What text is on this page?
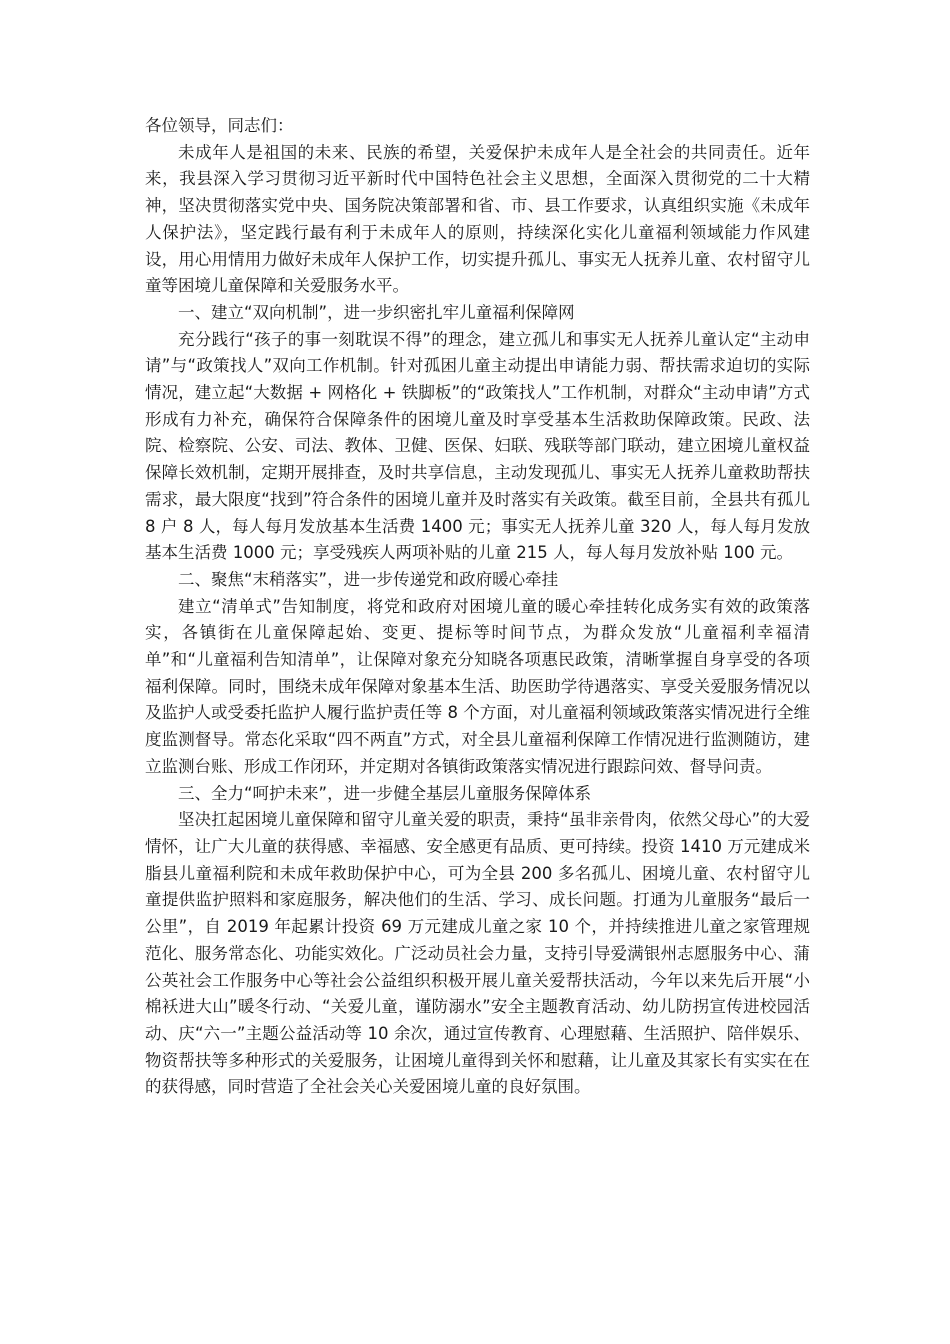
各位领导，同志们：

未成年人是祖国的未来、民族的希望，关爱保护未成年人是全社会的共同责任。近年来，我县深入学习贯彻习近平新时代中国特色社会主义思想，全面深入贯彻党的二十大精神，坚决贯彻落实党中央、国务院决策部署和省、市、县工作要求，认真组织实施《未成年人保护法》，坚定践行最有利于未成年人的原则，持续深化实化儿童福利领域能力作风建设，用心用情用力做好未成年人保护工作，切实提升孤儿、事实无人抚养儿童、农村留守儿童等困境儿童保障和关爱服务水平。

一、建立“双向机制”，进一步织密扎牢儿童福利保障网

充分践行“孩子的事一刻耽误不得”的理念，建立孤儿和事实无人抚养儿童认定“主动申请”与“政策找人”双向工作机制。针对孤困儿童主动提出申请能力弱、帮扶需求迫切的实际情况，建立起“大数据 + 网格化 + 铁脚板”的“政策找人”工作机制，对群众“主动申请”方式形成有力补充，确保符合保障条件的困境儿童及时享受基本生活救助保障政策。民政、法院、检察院、公安、司法、教体、卫健、医保、妇联、残联等部门联动，建立困境儿童权益保障长效机制，定期开展排查，及时共享信息，主动发现孤儿、事实无人抚养儿童救助帮扶需求，最大限度“找到”符合条件的困境儿童并及时落实有关政策。截至目前，全县共有孤儿 8 户 8 人，每人每月发放基本生活费 1400 元；事实无人抚养儿童 320 人，每人每月发放基本生活费 1000 元；享受残疾人两项补贴的儿童 215 人，每人每月发放补贴 100 元。

二、聚焦“末稍落实”，进一步传递党和政府暖心牵挂

建立“清单式”告知制度，将党和政府对困境儿童的暖心牵挂转化成务实有效的政策落实，各镇街在儿童保障起始、变更、提标等时间节点，为群众发放“儿童福利幸福清单”和“儿童福利告知清单”，让保障对象充分知晓各项惠民政策，清晰掌握自身享受的各项福利保障。同时，围绕未成年保障对象基本生活、助医助学待遇落实、享受关爱服务情况以及监护人或受委托监护人履行监护责任等 8 个方面，对儿童福利领域政策落实情况进行全维度监测督导。常态化采取“四不两直”方式，对全县儿童福利保障工作情况进行监测随访，建立监测台账、形成工作闭环，并定期对各镇街政策落实情况进行跟踪问效、督导问责。

三、全力“呵护未来”，进一步健全基层儿童服务保障体系

坚决扛起困境儿童保障和留守儿童关爱的职责，秉持“虽非亲骨肉，依然父母心”的大爱情怀，让广大儿童的获得感、幸福感、安全感更有品质、更可持续。投资 1410 万元建成米脂县儿童福利院和未成年救助保护中心，可为全县 200 多名孤儿、困境儿童、农村留守儿童提供监护照料和家庭服务，解决他们的生活、学习、成长问题。打通为儿童服务“最后一公里”，自 2019 年起累计投资 69 万元建成儿童之家 10 个，并持续推进儿童之家管理规范化、服务常态化、功能实效化。广泛动员社会力量，支持引导爱满银州志愿服务中心、蒲公英社会工作服务中心等社会公益组织积极开展儿童关爱帮扶活动，今年以来先后开展“小棉袄进大山”暖冬行动、“关爱儿童，谨防溺水”安全主题教育活动、幼儿防拐宣传进校园活动、庆“六一”主题公益活动等 10 余次，通过宣传教育、心理慰藉、生活照护、陪伴娱乐、物资帮扶等多种形式的关爱服务，让困境儿童得到关怀和慰藉，让儿童及其家长有实实在在的获得感，同时营造了全社会关心关爱困境儿童的良好氛围。
